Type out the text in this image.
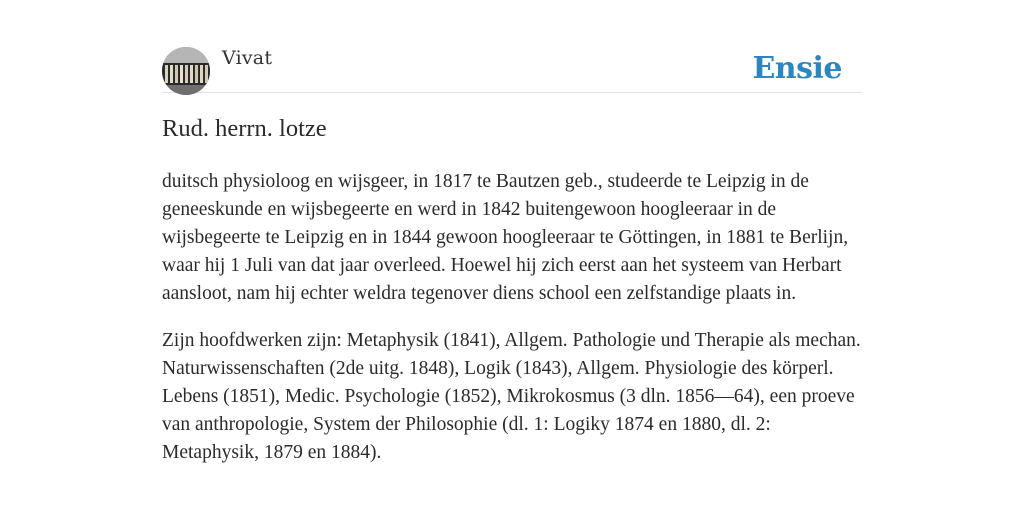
Vivat	Ensie
Rud. herrn. lotze

duitsch physioloog en wijsgeer, in 1817 te Bautzen geb., studeerde te Leipzig in de geneeskunde en wijsbegeerte en werd in 1842 buitengewoon hoogleeraar in de wijsbegeerte te Leipzig en in 1844 gewoon hoogleeraar te Göttingen, in 1881 te Berlijn, waar hij 1 Juli van dat jaar overleed. Hoewel hij zich eerst aan het systeem van Herbart aansloot, nam hij echter weldra tegenover diens school een zelfstandige plaats in.

Zijn hoofdwerken zijn: Metaphysik (1841), Allgem. Pathologie und Therapie als mechan. Naturwissenschaften (2de uitg. 1848), Logik (1843), Allgem. Physiologie des körperl. Lebens (1851), Medic. Psychologie (1852), Mikrokosmus (3 dln. 1856—64), een proeve van anthropologie, System der Philosophie (dl. 1: Logiky 1874 en 1880, dl. 2: Metaphysik, 1879 en 1884).
